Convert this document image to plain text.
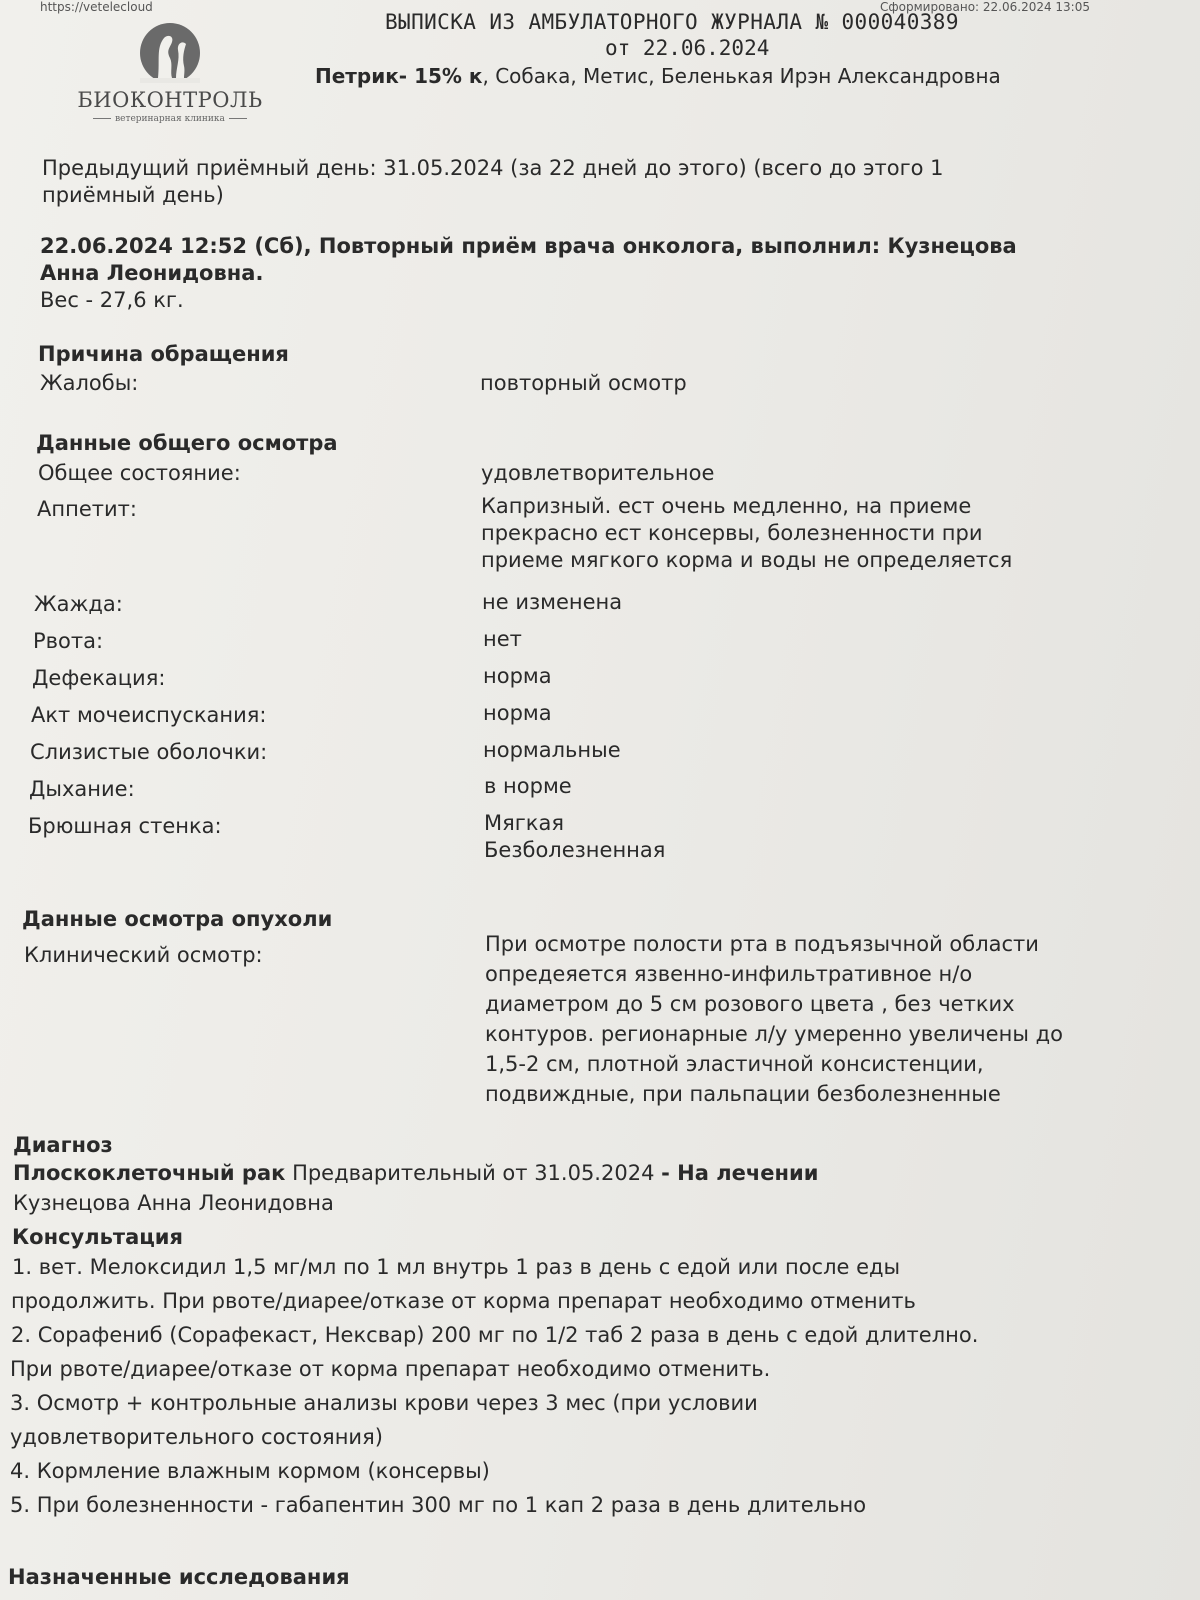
https://vetelecloud	Сформировано: 22.06.2024 13:05
БИОКОНТРОЛЬ
ветеринарная клиника
ВЫПИСКА ИЗ АМБУЛАТОРНОГО ЖУРНАЛА № 000040389
от 22.06.2024
Петрик- 15% к, Собака, Метис, Беленькая Ирэн Александровна
Предыдущий приёмный день: 31.05.2024 (за 22 дней до этого) (всего до этого 1
приёмный день)
22.06.2024 12:52 (Сб), Повторный приём врача онколога, выполнил: Кузнецова
Анна Леонидовна.
Вес - 27,6 кг.
Причина обращения
Жалобы:	повторный осмотр
Данные общего осмотра
Общее состояние:	удовлетворительное
Аппетит:	Капризный. ест очень медленно, на приеме
прекрасно ест консервы, болезненности при
приеме мягкого корма и воды не определяется
Жажда:	не изменена
Рвота:	нет
Дефекация:	норма
Акт мочеиспускания:	норма
Слизистые оболочки:	нормальные
Дыхание:	в норме
Брюшная стенка:	Мягкая
Безболезненная
Данные осмотра опухоли
Клинический осмотр:	При осмотре полости рта в подъязычной области
опредеяется язвенно-инфильтративное н/о
диаметром до 5 см розового цвета , без четких
контуров. регионарные л/у умеренно увеличены до
1,5-2 см, плотной эластичной консистенции,
подвиждные, при пальпации безболезненные
Диагноз
Плоскоклеточный рак Предварительный от 31.05.2024 - На лечении
Кузнецова Анна Леонидовна
Консультация
1. вет. Мелоксидил 1,5 мг/мл по 1 мл внутрь 1 раз в день с едой или после еды
продолжить. При рвоте/диарее/отказе от корма препарат необходимо отменить
2. Сорафениб (Сорафекаст, Нексвар) 200 мг по 1/2 таб 2 раза в день с едой длително.
При рвоте/диарее/отказе от корма препарат необходимо отменить.
3. Осмотр + контрольные анализы крови через 3 мес (при условии
удовлетворительного состояния)
4. Кормление влажным кормом (консервы)
5. При болезненности - габапентин 300 мг по 1 кап 2 раза в день длительно
Назначенные исследования
